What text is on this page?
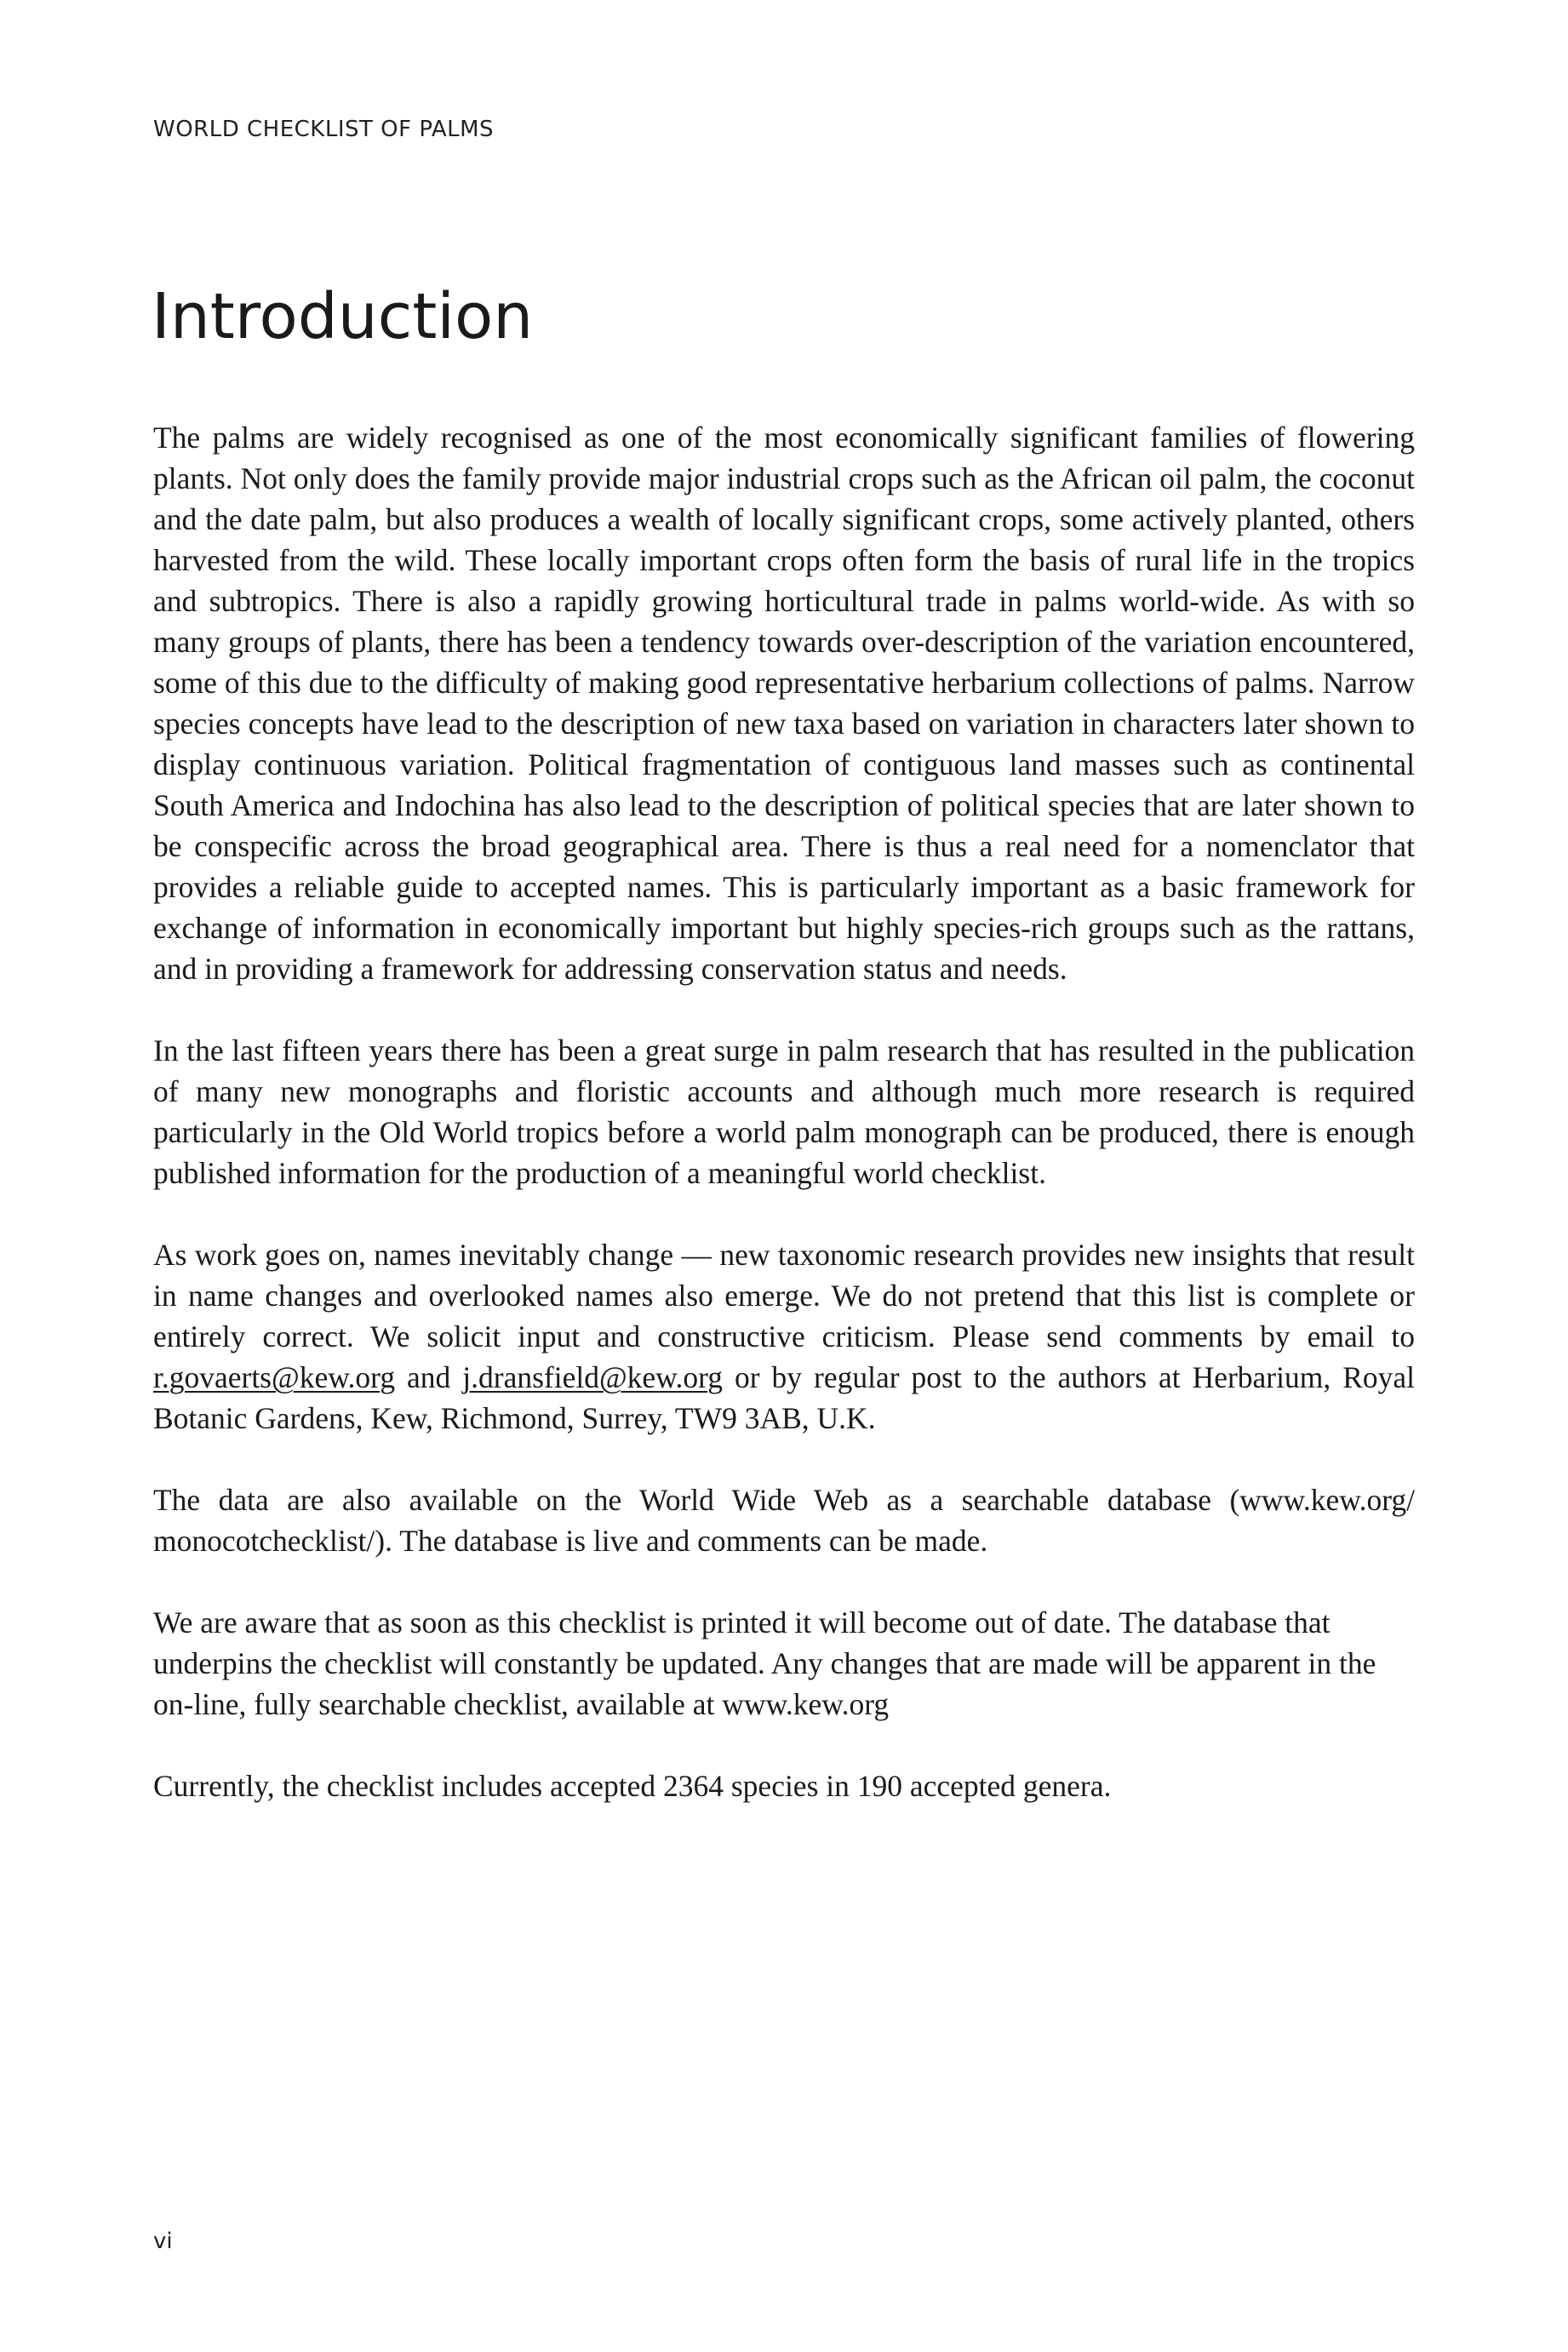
WORLD CHECKLIST OF PALMS
Introduction

The palms are widely recognised as one of the most economically significant families of flowering plants. Not only does the family provide major industrial crops such as the African oil palm, the coconut and the date palm, but also produces a wealth of locally significant crops, some actively planted, others harvested from the wild. These locally important crops often form the basis of rural life in the tropics and subtropics. There is also a rapidly growing horticultural trade in palms world-wide. As with so many groups of plants, there has been a tendency towards over-description of the variation encountered, some of this due to the difficulty of making good representative herbarium collections of palms. Narrow species concepts have lead to the description of new taxa based on variation in characters later shown to display continuous variation. Political fragmentation of contiguous land masses such as continental South America and Indochina has also lead to the description of political species that are later shown to be conspecific across the broad geographical area. There is thus a real need for a nomenclator that provides a reliable guide to accepted names. This is particularly important as a basic framework for exchange of information in economically important but highly species-rich groups such as the rattans, and in providing a framework for addressing conservation status and needs.

In the last fifteen years there has been a great surge in palm research that has resulted in the publication of many new monographs and floristic accounts and although much more research is required particularly in the Old World tropics before a world palm monograph can be produced, there is enough published information for the production of a meaningful world checklist.

As work goes on, names inevitably change — new taxonomic research provides new insights that result in name changes and overlooked names also emerge. We do not pretend that this list is complete or entirely correct. We solicit input and constructive criticism. Please send comments by email to r.govaerts@kew.org and j.dransfield@kew.org or by regular post to the authors at Herbarium, Royal Botanic Gardens, Kew, Richmond, Surrey, TW9 3AB, U.K.

The data are also available on the World Wide Web as a searchable database (www.kew.org/ monocotchecklist/). The database is live and comments can be made.

We are aware that as soon as this checklist is printed it will become out of date. The database that underpins the checklist will constantly be updated. Any changes that are made will be apparent in the on-line, fully searchable checklist, available at www.kew.org

Currently, the checklist includes accepted 2364 species in 190 accepted genera.

vi
